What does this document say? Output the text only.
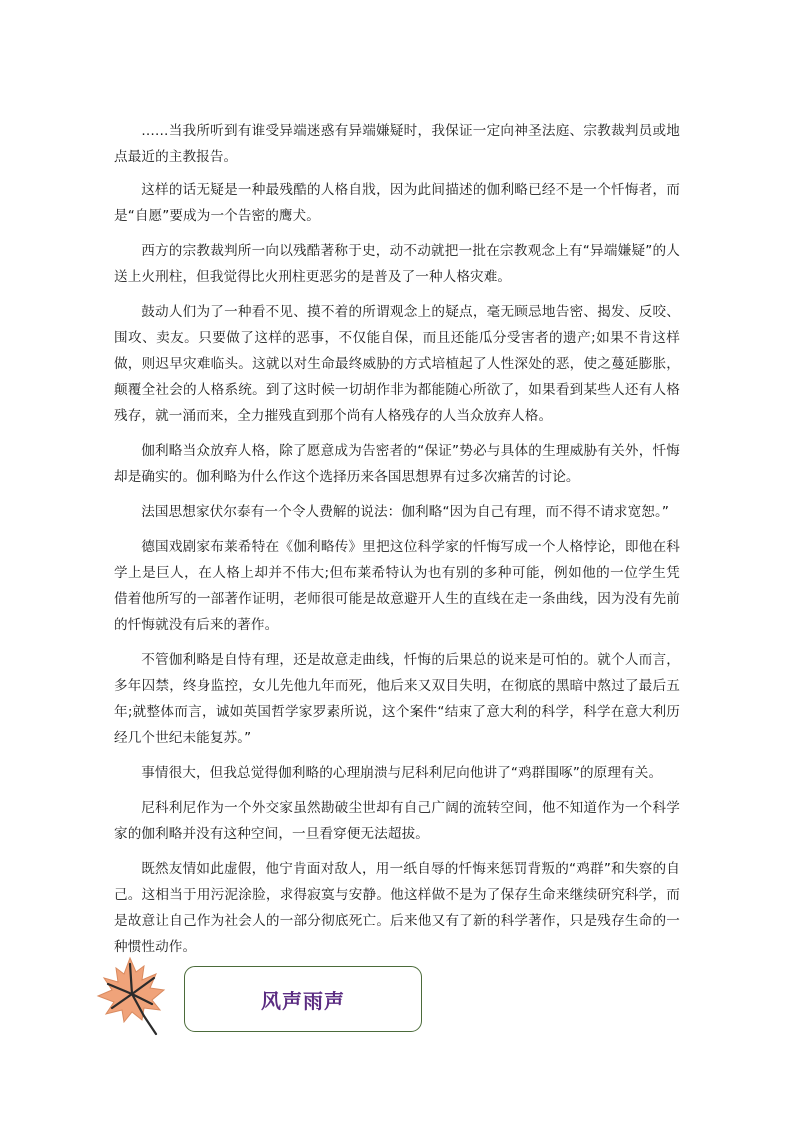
……当我所听到有谁受异端迷惑有异端嫌疑时，我保证一定向神圣法庭、宗教裁判员或地点最近的主教报告。

这样的话无疑是一种最残酷的人格自戕，因为此间描述的伽利略已经不是一个忏悔者，而是“自愿”要成为一个告密的鹰犬。

西方的宗教裁判所一向以残酷著称于史，动不动就把一批在宗教观念上有“异端嫌疑”的人送上火刑柱，但我觉得比火刑柱更恶劣的是普及了一种人格灾难。

鼓动人们为了一种看不见、摸不着的所谓观念上的疑点，毫无顾忌地告密、揭发、反咬、围攻、卖友。只要做了这样的恶事，不仅能自保，而且还能瓜分受害者的遗产;如果不肯这样做，则迟早灾难临头。这就以对生命最终威胁的方式培植起了人性深处的恶，使之蔓延膨胀，颠覆全社会的人格系统。到了这时候一切胡作非为都能随心所欲了，如果看到某些人还有人格残存，就一涌而来，全力摧残直到那个尚有人格残存的人当众放弃人格。

伽利略当众放弃人格，除了愿意成为告密者的“保证”势必与具体的生理威胁有关外，忏悔却是确实的。伽利略为什么作这个选择历来各国思想界有过多次痛苦的讨论。

法国思想家伏尔泰有一个令人费解的说法：伽利略“因为自己有理，而不得不请求宽恕。”

德国戏剧家布莱希特在《伽利略传》里把这位科学家的忏悔写成一个人格悖论，即他在科学上是巨人，在人格上却并不伟大;但布莱希特认为也有别的多种可能，例如他的一位学生凭借着他所写的一部著作证明，老师很可能是故意避开人生的直线在走一条曲线，因为没有先前的忏悔就没有后来的著作。

不管伽利略是自恃有理，还是故意走曲线，忏悔的后果总的说来是可怕的。就个人而言，多年囚禁，终身监控，女儿先他九年而死，他后来又双目失明，在彻底的黑暗中熬过了最后五年;就整体而言，诚如英国哲学家罗素所说，这个案件“结束了意大利的科学，科学在意大利历经几个世纪未能复苏。”

事情很大，但我总觉得伽利略的心理崩溃与尼科利尼向他讲了“鸡群围啄”的原理有关。

尼科利尼作为一个外交家虽然勘破尘世却有自己广阔的流转空间，他不知道作为一个科学家的伽利略并没有这种空间，一旦看穿便无法超拔。

既然友情如此虚假，他宁肯面对敌人，用一纸自辱的忏悔来惩罚背叛的“鸡群”和失察的自己。这相当于用污泥涂脸，求得寂寞与安静。他这样做不是为了保存生命来继续研究科学，而是故意让自己作为社会人的一部分彻底死亡。后来他又有了新的科学著作，只是残存生命的一种惯性动作。

风声雨声
